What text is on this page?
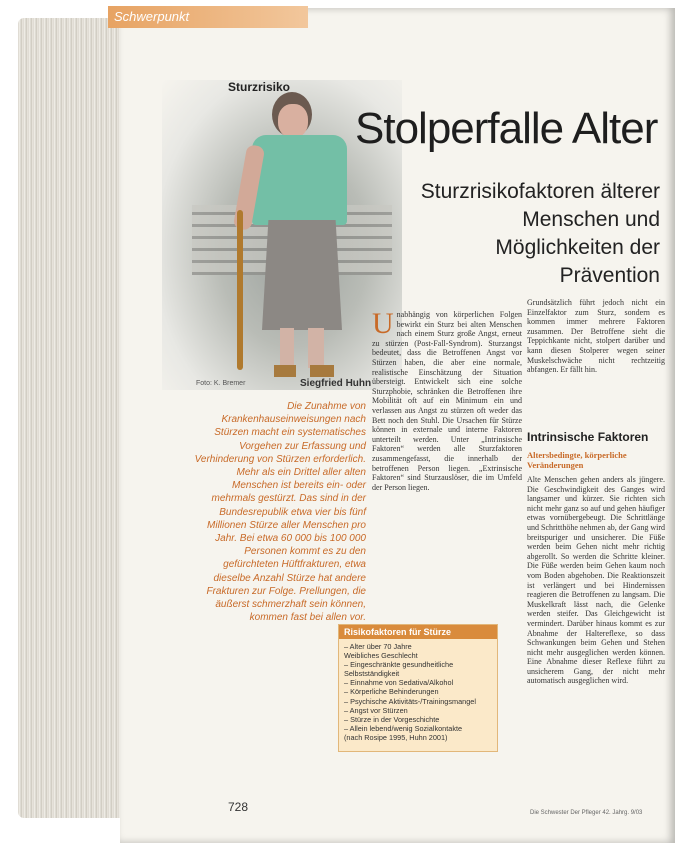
Schwerpunkt
Sturzrisiko
Stolperfalle Alter
Sturzrisikofaktoren älterer Menschen und Möglichkeiten der Prävention
Foto: K. Bremer	Siegfried Huhn
Die Zunahme von Krankenhauseinweisungen nach Stürzen macht ein systematisches Vorgehen zur Erfassung und Verhinderung von Stürzen erforderlich. Mehr als ein Drittel aller alten Menschen ist bereits ein- oder mehrmals gestürzt. Das sind in der Bundesrepublik etwa vier bis fünf Millionen Stürze aller Menschen pro Jahr. Bei etwa 60 000 bis 100 000 Personen kommt es zu den gefürchteten Hüftfrakturen, etwa dieselbe Anzahl Stürze hat andere Frakturen zur Folge. Prellungen, die äußerst schmerzhaft sein können, kommen fast bei allen vor.
U nabhängig von körperlichen Folgen bewirkt ein Sturz bei alten Menschen nach einem Sturz große Angst, erneut zu stürzen (Post-Fall-Syndrom). Sturzangst bedeutet, dass die Betroffenen Angst vor Stürzen haben, die aber eine normale, realistische Einschätzung der Situation übersteigt. Entwickelt sich eine solche Sturzphobie, schränken die Betroffenen ihre Mobilität oft auf ein Minimum ein und verlassen aus Angst zu stürzen oft weder das Bett noch den Stuhl. Die Ursachen für Stürze können in externale und interne Faktoren unterteilt werden. Unter „Intrinsische Faktoren“ werden alle Sturzfaktoren zusammengefasst, die innerhalb der betroffenen Person liegen. „Extrinsische Faktoren“ sind Sturzauslöser, die im Umfeld der Person liegen.
Grundsätzlich führt jedoch nicht ein Einzelfaktor zum Sturz, sondern es kommen immer mehrere Faktoren zusammen. Der Betroffene sieht die Teppichkante nicht, stolpert darüber und kann diesen Stolperer wegen seiner Muskelschwäche nicht rechtzeitig abfangen. Er fällt hin.
Intrinsische Faktoren
Altersbedingte, körperliche Veränderungen
Alte Menschen gehen anders als jüngere. Die Geschwindigkeit des Ganges wird langsamer und kürzer. Sie richten sich nicht mehr ganz so auf und gehen häufiger etwas vornübergebeugt. Die Schrittlänge und Schritthöhe nehmen ab, der Gang wird breitspuriger und unsicherer. Die Füße werden beim Gehen nicht mehr richtig abgerollt. So werden die Schritte kleiner. Die Füße werden beim Gehen kaum noch vom Boden abgehoben. Die Reaktionszeit ist verlängert und bei Hindernissen reagieren die Betroffenen zu langsam. Die Muskelkraft lässt nach, die Gelenke werden steifer. Das Gleichgewicht ist vermindert. Darüber hinaus kommt es zur Abnahme der Haltereflexe, so dass Schwankungen beim Gehen und Stehen nicht mehr ausgeglichen werden können. Eine Abnahme dieser Reflexe führt zu unsicherem Gang, der nicht mehr automatisch ausgeglichen wird.
Risikofaktoren für Stürze
– Alter über 70 Jahre
Weibliches Geschlecht
– Eingeschränkte gesundheitliche Selbstständigkeit
– Einnahme von Sedativa/Alkohol
– Körperliche Behinderungen
– Psychische Aktivitäts-/Trainingsmangel
– Angst vor Stürzen
– Stürze in der Vorgeschichte
– Allein lebend/wenig Sozialkontakte
(nach Rosipe 1995, Huhn 2001)
728	Die Schwester Der Pfleger 42. Jahrg. 9/03
